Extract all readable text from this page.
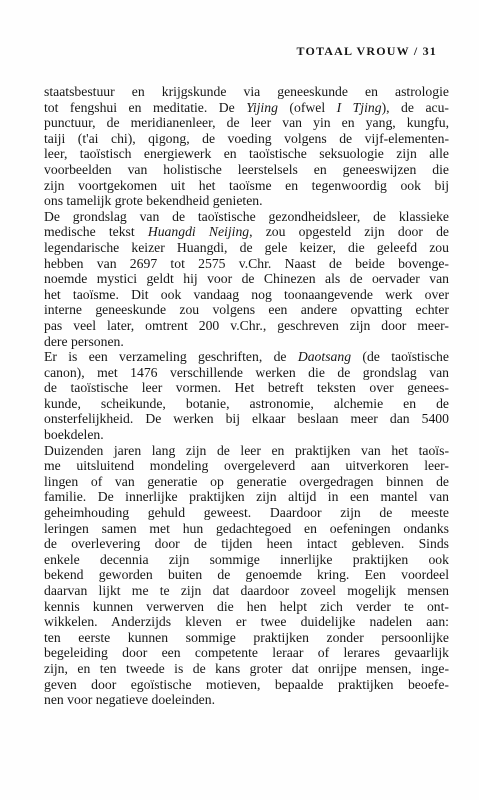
TOTAAL VROUW / 31
staatsbestuur en krijgskunde via geneeskunde en astrologie
tot fengshui en meditatie. De Yijing (ofwel I Tjing), de acu-
punctuur, de meridianenleer, de leer van yin en yang, kungfu,
taiji (t'ai chi), qigong, de voeding volgens de vijf-elementen-
leer, taoïstisch energiewerk en taoïstische seksuologie zijn alle
voorbeelden van holistische leerstelsels en geneeswijzen die
zijn voortgekomen uit het taoïsme en tegenwoordig ook bij
ons tamelijk grote bekendheid genieten.
De grondslag van de taoïstische gezondheidsleer, de klassieke
medische tekst Huangdi Neijing, zou opgesteld zijn door de
legendarische keizer Huangdi, de gele keizer, die geleefd zou
hebben van 2697 tot 2575 v.Chr. Naast de beide bovenge-
noemde mystici geldt hij voor de Chinezen als de oervader van
het taoïsme. Dit ook vandaag nog toonaangevende werk over
interne geneeskunde zou volgens een andere opvatting echter
pas veel later, omtrent 200 v.Chr., geschreven zijn door meer-
dere personen.
Er is een verzameling geschriften, de Daotsang (de taoïstische
canon), met 1476 verschillende werken die de grondslag van
de taoïstische leer vormen. Het betreft teksten over genees-
kunde, scheikunde, botanie, astronomie, alchemie en de
onsterfelijkheid. De werken bij elkaar beslaan meer dan 5400
boekdelen.
Duizenden jaren lang zijn de leer en praktijken van het taoïs-
me uitsluitend mondeling overgeleverd aan uitverkoren leer-
lingen of van generatie op generatie overgedragen binnen de
familie. De innerlijke praktijken zijn altijd in een mantel van
geheimhouding gehuld geweest. Daardoor zijn de meeste
leringen samen met hun gedachtegoed en oefeningen ondanks
de overlevering door de tijden heen intact gebleven. Sinds
enkele decennia zijn sommige innerlijke praktijken ook
bekend geworden buiten de genoemde kring. Een voordeel
daarvan lijkt me te zijn dat daardoor zoveel mogelijk mensen
kennis kunnen verwerven die hen helpt zich verder te ont-
wikkelen. Anderzijds kleven er twee duidelijke nadelen aan:
ten eerste kunnen sommige praktijken zonder persoonlijke
begeleiding door een competente leraar of lerares gevaarlijk
zijn, en ten tweede is de kans groter dat onrijpe mensen, inge-
geven door egoïstische motieven, bepaalde praktijken beoefe-
nen voor negatieve doeleinden.
